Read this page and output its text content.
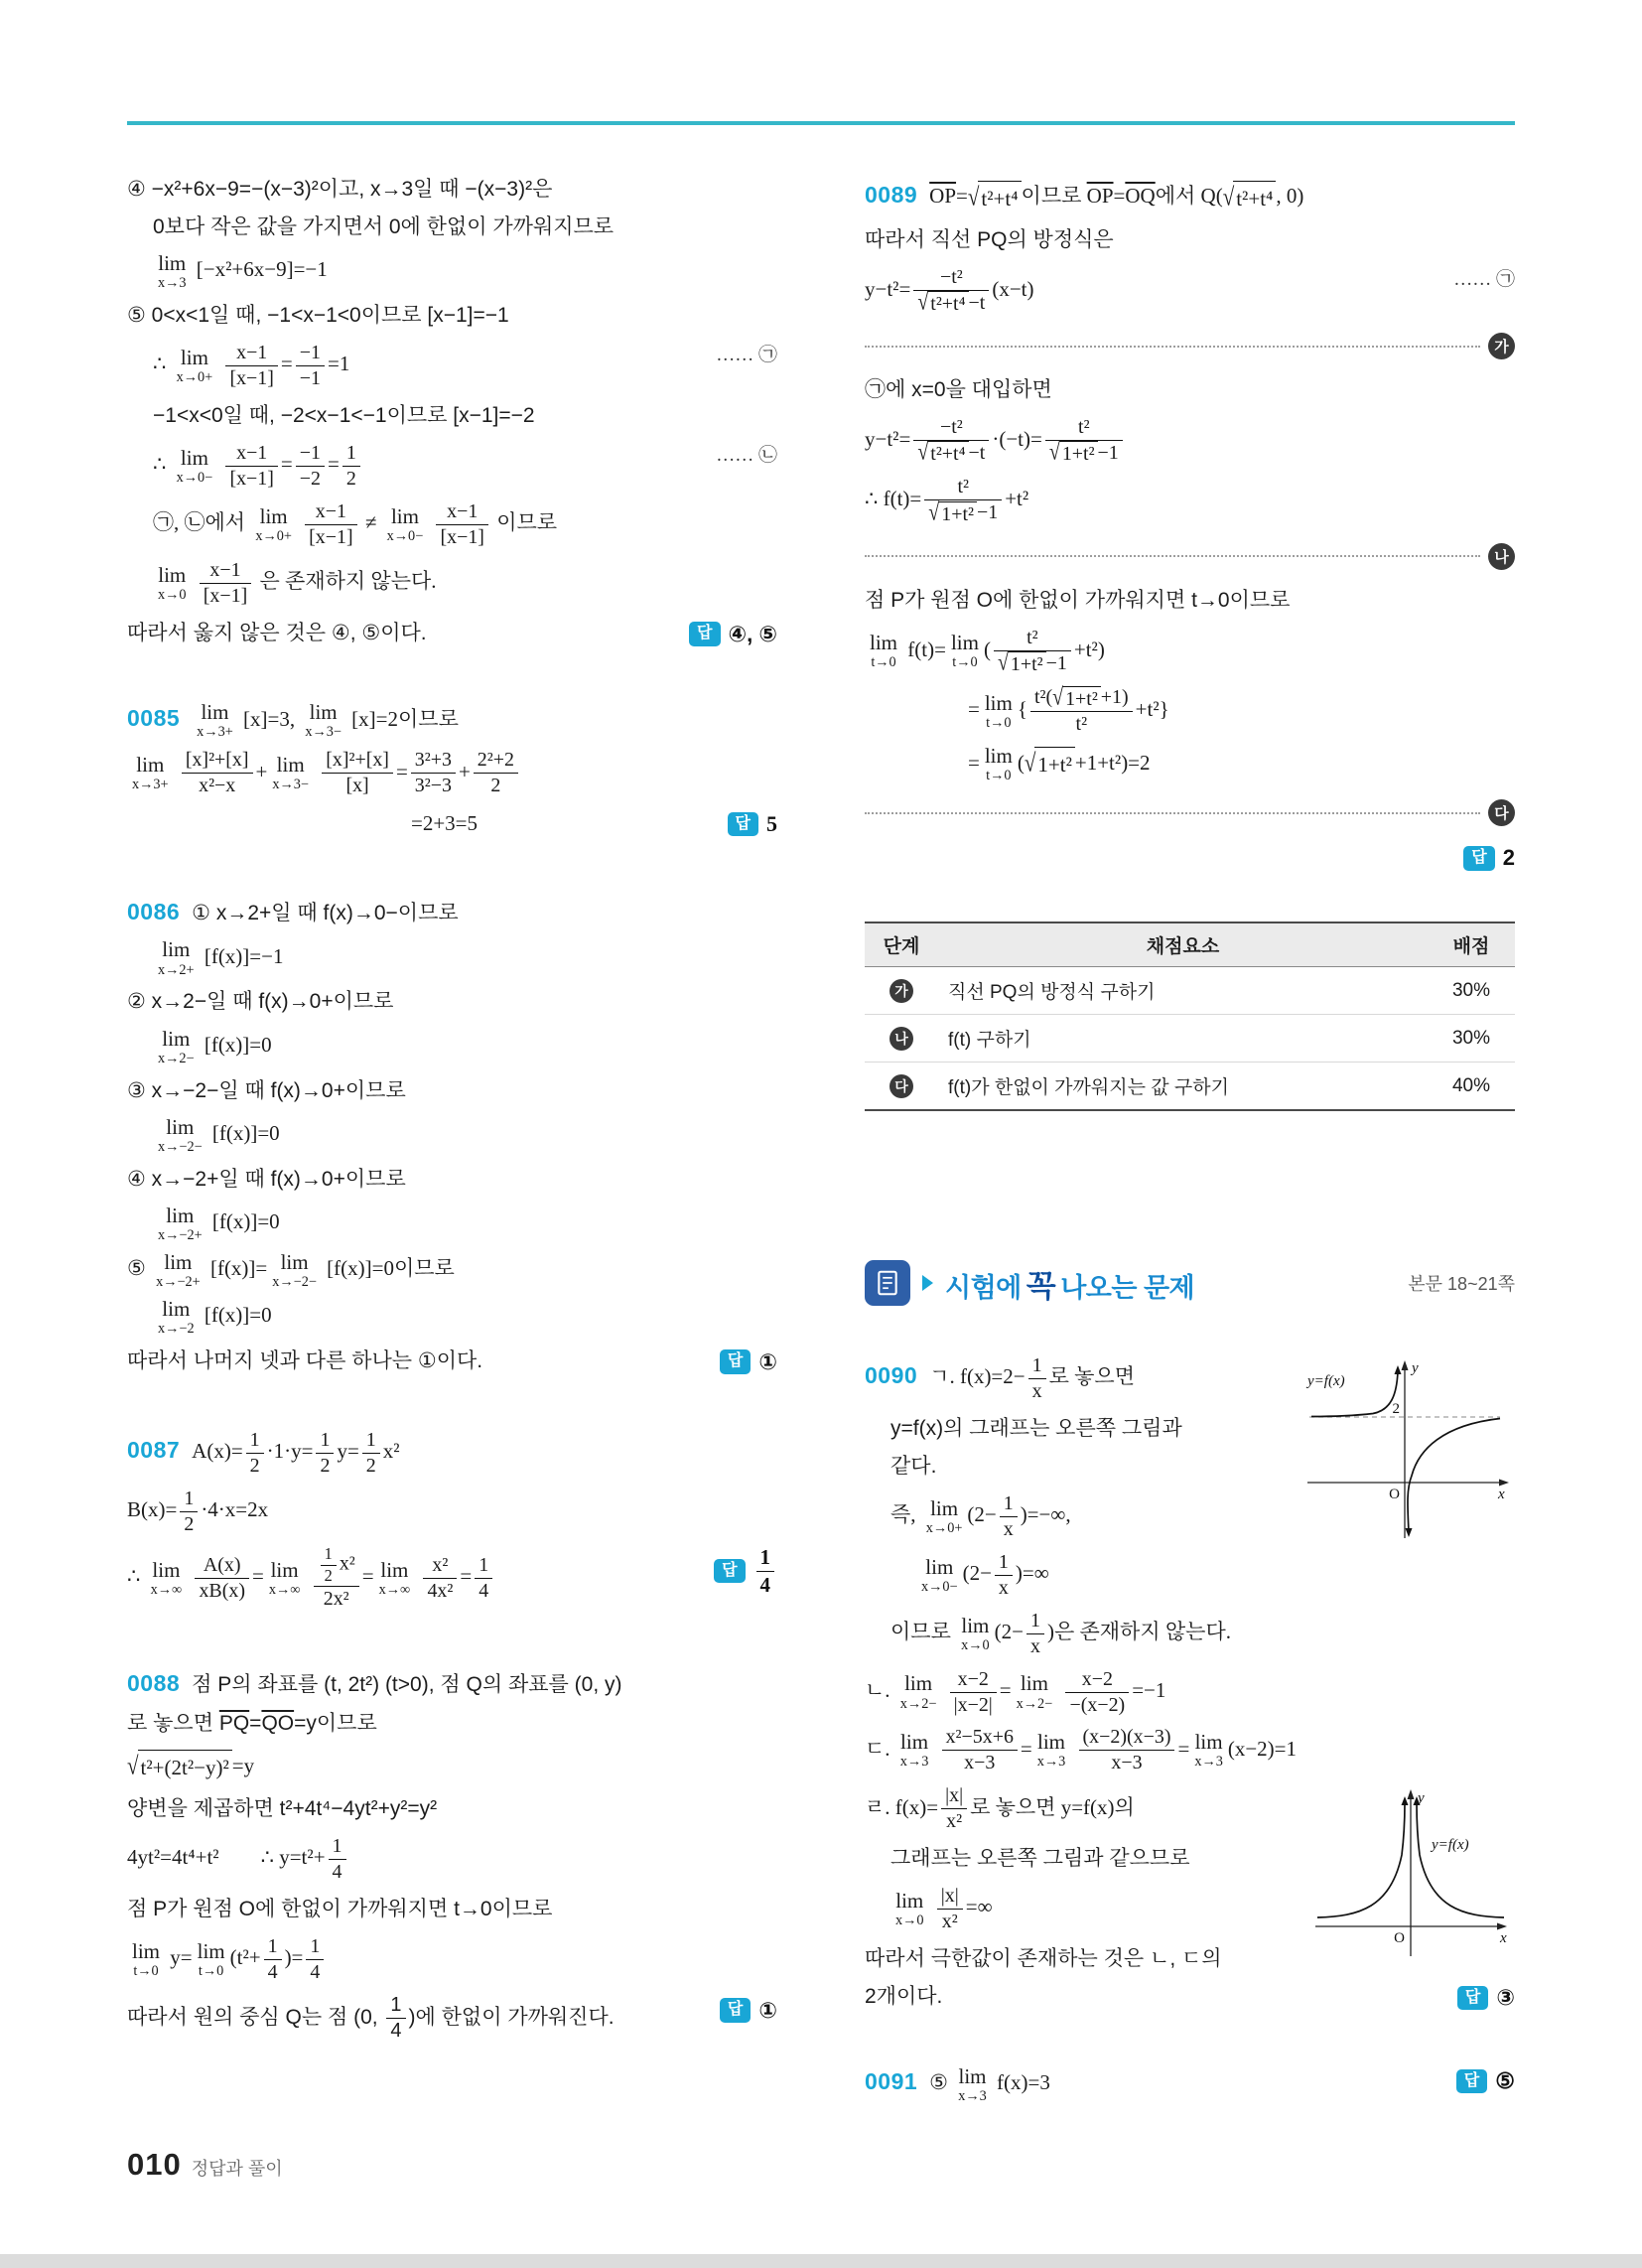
④ −x²+6x−9=−(x−3)²이고, x→3일 때 −(x−3)²은
0보다 작은 값을 가지면서 0에 한없이 가까워지므로
lim
x→3
[−x²+6x−9]=−1
⑤ 0<x<1일 때, −1<x−1<0이므로 [x−1]=−1
…… ㉠
∴ lim
x→0+
$\frac{x-1}{[x-1]} = \frac{-1}{-1} =1$
−1<x<0일 때, −2<x−1<−1이므로 [x−1]=−2
…… ㉡
∴ lim
x→0−
$\frac{x-1}{[x-1]} = \frac{-1}{-2} = \frac{1}{2}$
㉠, ㉡에서 lim
x→0+
$\frac{x-1}{[x-1]} \ne \lim$
x→0−
$\frac{x-1}{[x-1]}$ 이므로
lim
x→0
$\frac{x-1}{[x-1]}$ 은 존재하지 않는다.
답 ④, ⑤
따라서 옳지 않은 것은 ④, ⑤이다.
0085 lim
x→3+
[x]=3, lim
x→3−
[x]=2이므로
lim
x→3+
$\frac{\text{[x]²+[x]}}{\text{x²−x}} + \lim$
x→3−
$\frac{\text{[x]²+[x]}}{[x]} = \frac{\text{3²+3}}{\text{3²−3}} + \frac{\text{2²+2}}{2}$
답 5
=2+3=5
0086 ① x→2+일 때 f(x)→0−이므로
lim
x→2+
[f(x)]=−1
② x→2−일 때 f(x)→0+이므로
lim
x→2−
[f(x)]=0
③ x→−2−일 때 f(x)→0+이므로
lim
x→−2−
[f(x)]=0
④ x→−2+일 때 f(x)→0+이므로
lim
x→−2+
[f(x)]=0
⑤ lim
x→−2+
[f(x)]= lim
x→−2−
[f(x)]=0이므로
lim
x→−2
[f(x)]=0
답 ①
따라서 나머지 넷과 다른 하나는 ①이다.
0087 $A(x)= \frac{1}{2} \cdot 1\cdot y= \frac{1}{2} y= \frac{1}{2} x^2$
$B(x)= \frac{1}{2} \cdot 4\cdot x=2x$
답 $\frac{1}{4}$
∴ lim
x→∞
$\frac{A(x)}{xB(x)} = \lim$
x→∞
$\frac{\frac{1}{2} x^2}{\text{2x²}} = \lim$
x→∞
$\frac{\text{x²}}{\text{4x²}} = \frac{1}{4}$
0088 점 P의 좌표를 (t, 2t²) (t>0), 점 Q의 좌표를 (0, y)
로 놓으면 $\overline{PQ}=\overline{QO}=y$이므로
√ t²+(2t²−y)² =y
양변을 제곱하면 t²+4t⁴−4yt²+y²=y²
4yt²=4t⁴+t²  ∴ $y=t^2+ \frac{1}{4}$
점 P가 원점 O에 한없이 가까워지면 t→0이므로
lim
t→0
y= lim
t→0
($t^2+ \frac{1}{4}$ )= $\frac{1}{4}$
답 ①
따라서 원의 중심 Q는 점 (0, $\frac{1}{4}$ )에 한없이 가까워진다.
0089 $\overline{OP}=$ √ t²+t⁴ 이므로 $\overline{OP}=\overline{OQ}$에서 Q( √ t²+t⁴ , 0)
따라서 직선 PQ의 방정식은
…… ㉠
$y-t^2= \frac{\text{−t²}}{\text{√ t²+t⁴ −t}} (x-t)$
가
㉠에 x=0을 대입하면
$y-t^2= \frac{\text{−t²}}{\text{√ t²+t⁴ −t}} \cdot(-t)= \frac{\text{t²}}{\text{√ 1+t² −1}}$
∴ $f(t)= \frac{\text{t²}}{\text{√ 1+t² −1}} +t^2$
나
점 P가 원점 O에 한없이 가까워지면 t→0이므로
lim
t→0
f(t)= lim
t→0
( $\frac{\text{t²}}{\text{√ 1+t² −1}} +t^2$)
= lim
t→0
{ $\frac{\text{t²( √ 1+t² +1)}}{\text{t²}} +t^2$}
= lim
t→0
( √ 1+t² +1+t²)=2
다
답 2
단계	채점요소	배점
가	직선 PQ의 방정식 구하기	30%
나	f(t) 구하기	30%
다	f(t)가 한없이 가까워지는 값 구하기	40%
시험에 꼭 나오는 문제	본문 18~21쪽
y
x
O
2
y=f(x)
0090 ㄱ. $f(x)=2- \frac{1}{x}$ 로 놓으면
y=f(x)의 그래프는 오른쪽 그림과
같다.
즉, lim
x→0+
($2- \frac{1}{x}$ )=−∞,
lim
x→0−
($2- \frac{1}{x}$ )=∞
이므로 lim
x→0
($2- \frac{1}{x}$ )은 존재하지 않는다.
ㄴ. lim
x→2−
$\frac{x-2}{|x-2|} = \lim$
x→2−
$\frac{x-2}{-(x-2)} =-1$
ㄷ. lim
x→3
$\frac{\text{x²−5x+6}}{x-3} = \lim$
x→3
$\frac{(x-2)(x-3)}{x-3} = \lim$
x→3
(x−2)=1
y
x
O
y=f(x)
ㄹ. $f(x)= \frac{|x|}{\text{x²}}$ 로 놓으면 y=f(x)의
그래프는 오른쪽 그림과 같으므로
lim
x→0
$\frac{|x|}{\text{x²}}$ =∞
따라서 극한값이 존재하는 것은 ㄴ, ㄷ의
답 ③
2개이다.
답 ⑤
0091 ⑤ lim
x→3
f(x)=3
010 정답과 풀이
